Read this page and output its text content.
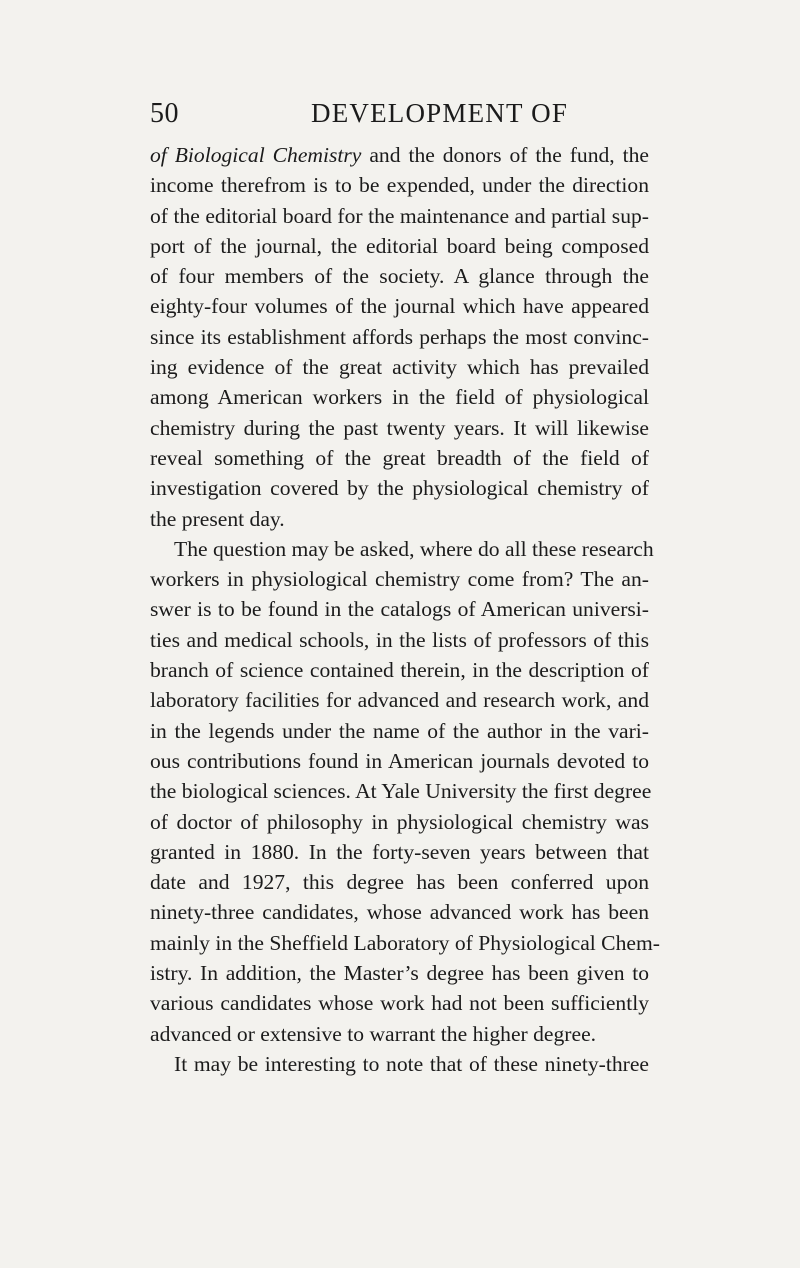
50	DEVELOPMENT OF
of Biological Chemistry and the donors of the fund, the
income therefrom is to be expended, under the direction
of the editorial board for the maintenance and partial sup-
port of the journal, the editorial board being composed
of four members of the society. A glance through the
eighty-four volumes of the journal which have appeared
since its establishment affords perhaps the most convinc-
ing evidence of the great activity which has prevailed
among American workers in the field of physiological
chemistry during the past twenty years. It will likewise
reveal something of the great breadth of the field of
investigation covered by the physiological chemistry of
the present day.
The question may be asked, where do all these research
workers in physiological chemistry come from? The an-
swer is to be found in the catalogs of American universi-
ties and medical schools, in the lists of professors of this
branch of science contained therein, in the description of
laboratory facilities for advanced and research work, and
in the legends under the name of the author in the vari-
ous contributions found in American journals devoted to
the biological sciences. At Yale University the first degree
of doctor of philosophy in physiological chemistry was
granted in 1880. In the forty-seven years between that
date and 1927, this degree has been conferred upon
ninety-three candidates, whose advanced work has been
mainly in the Sheffield Laboratory of Physiological Chem-
istry. In addition, the Master’s degree has been given to
various candidates whose work had not been sufficiently
advanced or extensive to warrant the higher degree.
It may be interesting to note that of these ninety-three
